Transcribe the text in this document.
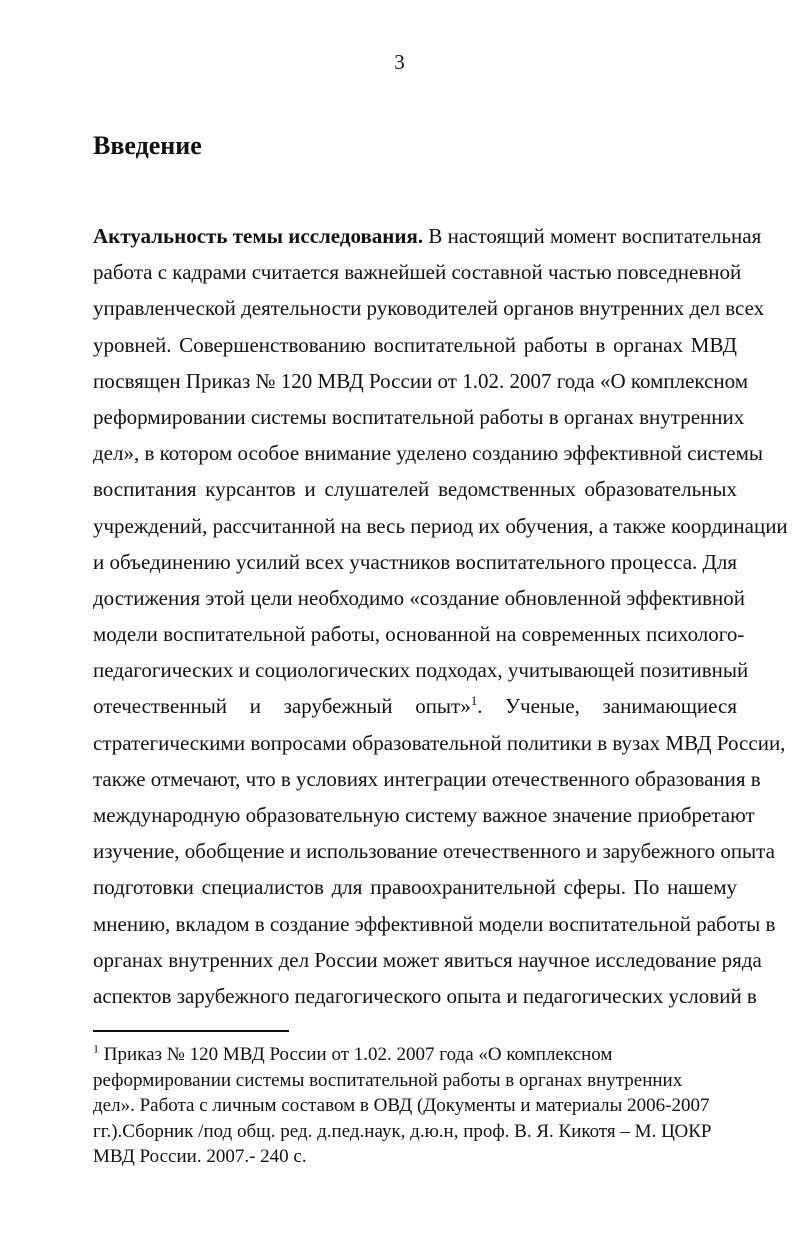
3
Введение
Актуальность темы исследования. В настоящий момент воспитательная
работа с кадрами считается важнейшей составной частью повседневной
управленческой деятельности руководителей органов внутренних дел всех
уровней. Совершенствованию воспитательной работы в органах МВД
посвящен Приказ № 120 МВД России от 1.02. 2007 года «О комплексном
реформировании системы воспитательной работы в органах внутренних
дел», в котором особое внимание уделено созданию эффективной системы
воспитания курсантов и слушателей ведомственных образовательных
учреждений, рассчитанной на весь период их обучения, а также координации
и объединению усилий всех участников воспитательного процесса. Для
достижения этой цели необходимо «создание обновленной эффективной
модели воспитательной работы, основанной на современных психолого-
педагогических и социологических подходах, учитывающей позитивный
отечественный и зарубежный опыт»$^1$. Ученые, занимающиеся
стратегическими вопросами образовательной политики в вузах МВД России,
также отмечают, что в условиях интеграции отечественного образования в
международную образовательную систему важное значение приобретают
изучение, обобщение и использование отечественного и зарубежного опыта
подготовки специалистов для правоохранительной сферы. По нашему
мнению, вкладом в создание эффективной модели воспитательной работы в
органах внутренних дел России может явиться научное исследование ряда
аспектов зарубежного педагогического опыта и педагогических условий в
$^1$ Приказ № 120 МВД России от 1.02. 2007 года «О комплексном
реформировании системы воспитательной работы в органах внутренних
дел». Работа с личным составом в ОВД (Документы и материалы 2006-2007
гг.).Сборник /под общ. ред. д.пед.наук, д.ю.н, проф. В. Я. Кикотя – М. ЦОКР
МВД России. 2007.- 240 с.
